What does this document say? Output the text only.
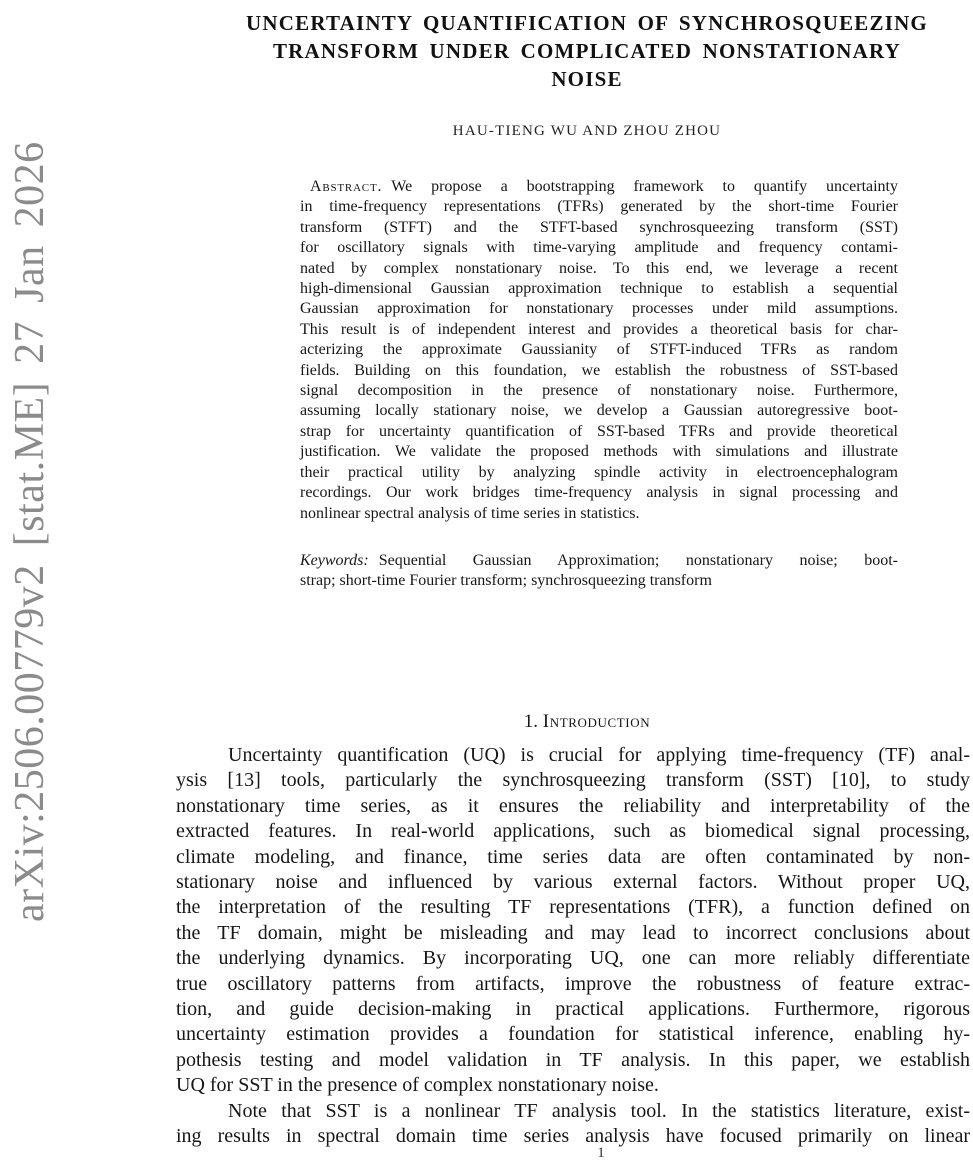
arXiv:2506.00779v2 [stat.ME] 27 Jan 2026
UNCERTAINTY QUANTIFICATION OF SYNCHROSQUEEZING
TRANSFORM UNDER COMPLICATED NONSTATIONARY
NOISE
HAU-TIENG WU AND ZHOU ZHOU
Abstract. We propose a bootstrapping framework to quantify uncertainty
in time-frequency representations (TFRs) generated by the short-time Fourier
transform (STFT) and the STFT-based synchrosqueezing transform (SST)
for oscillatory signals with time-varying amplitude and frequency contami-
nated by complex nonstationary noise. To this end, we leverage a recent
high-dimensional Gaussian approximation technique to establish a sequential
Gaussian approximation for nonstationary processes under mild assumptions.
This result is of independent interest and provides a theoretical basis for char-
acterizing the approximate Gaussianity of STFT-induced TFRs as random
fields. Building on this foundation, we establish the robustness of SST-based
signal decomposition in the presence of nonstationary noise. Furthermore,
assuming locally stationary noise, we develop a Gaussian autoregressive boot-
strap for uncertainty quantification of SST-based TFRs and provide theoretical
justification. We validate the proposed methods with simulations and illustrate
their practical utility by analyzing spindle activity in electroencephalogram
recordings. Our work bridges time-frequency analysis in signal processing and
nonlinear spectral analysis of time series in statistics.
Keywords: Sequential Gaussian Approximation; nonstationary noise; boot-
strap; short-time Fourier transform; synchrosqueezing transform
1. Introduction
Uncertainty quantification (UQ) is crucial for applying time-frequency (TF) anal-
ysis [13] tools, particularly the synchrosqueezing transform (SST) [10], to study
nonstationary time series, as it ensures the reliability and interpretability of the
extracted features. In real-world applications, such as biomedical signal processing,
climate modeling, and finance, time series data are often contaminated by non-
stationary noise and influenced by various external factors. Without proper UQ,
the interpretation of the resulting TF representations (TFR), a function defined on
the TF domain, might be misleading and may lead to incorrect conclusions about
the underlying dynamics. By incorporating UQ, one can more reliably differentiate
true oscillatory patterns from artifacts, improve the robustness of feature extrac-
tion, and guide decision-making in practical applications. Furthermore, rigorous
uncertainty estimation provides a foundation for statistical inference, enabling hy-
pothesis testing and model validation in TF analysis. In this paper, we establish
UQ for SST in the presence of complex nonstationary noise.
Note that SST is a nonlinear TF analysis tool. In the statistics literature, exist-
ing results in spectral domain time series analysis have focused primarily on linear
1
